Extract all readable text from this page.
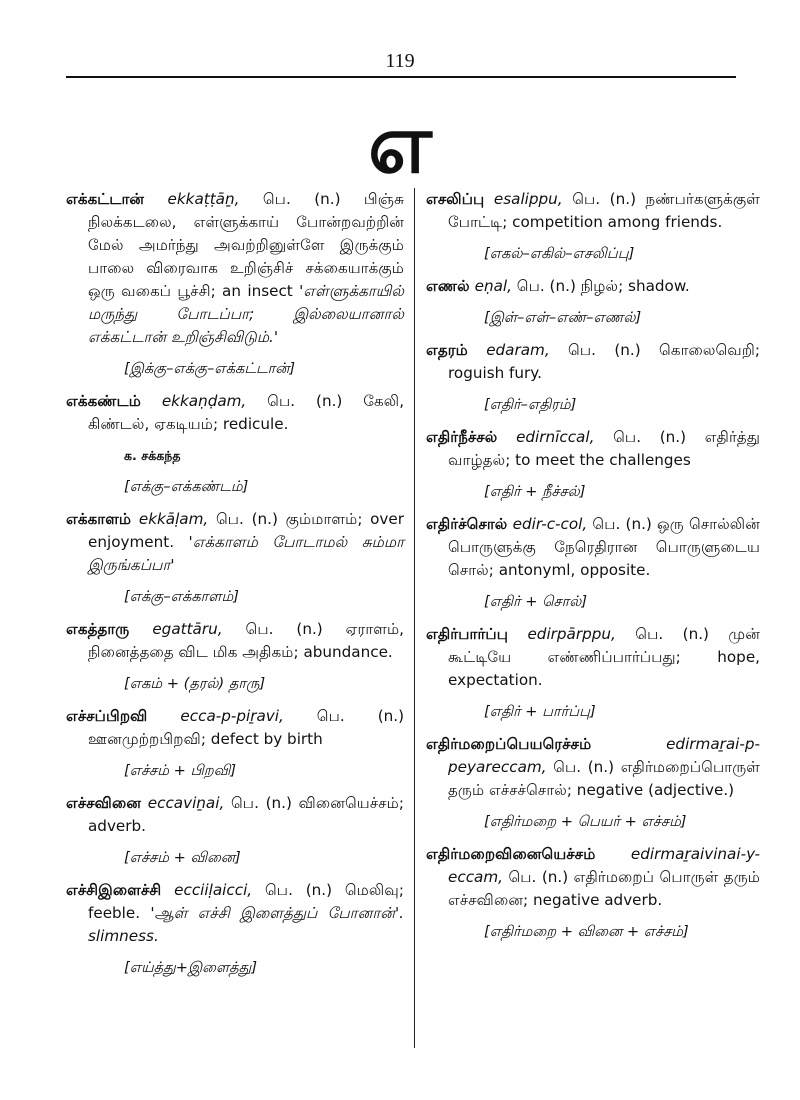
119
எ

எக்கட்டான் ekkaṭṭāṉ, பெ. (n.) பிஞ்சு நிலக்கடலை, எள்ளுக்காய் போன்றவற்றின் மேல் அமர்ந்து அவற்றினுள்ளே இருக்கும் பாலை விரைவாக உறிஞ்சிச் சக்கையாக்கும் ஒரு வகைப் பூச்சி; an insect 'எள்ளுக்காயில் மருந்து போடப்பா; இல்லையானால் எக்கட்டான் உறிஞ்சிவிடும்.'

[இக்கு–எக்கு–எக்கட்டான்]

எக்கண்டம் ekkaṇḍam, பெ. (n.) கேலி, கிண்டல், ஏகடியம்; redicule.

க. சக்கந்த
[எக்கு–எக்கண்டம்]

எக்காளம் ekkāḷam, பெ. (n.) கும்மாளம்; over enjoyment. 'எக்காளம் போடாமல் சும்மா இருங்கப்பா'

[எக்கு–எக்காளம்]

எகத்தாரு egattāru, பெ. (n.) ஏராளம், நினைத்ததை விட மிக அதிகம்; abundance.

[எகம் + (தரல்) தாரு]

எச்சப்பிறவி ecca-p-piṟavi, பெ. (n.) ஊனமுற்றபிறவி; defect by birth

[எச்சம் + பிறவி]

எச்சவினை eccaviṉai, பெ. (n.) வினையெச்சம்; adverb.

[எச்சம் + வினை]

எச்சிஇளைச்சி ecciiḷaicci, பெ. (n.) மெலிவு; feeble. 'ஆள் எச்சி இளைத்துப் போனான்'. slimness.

[எய்த்து+இளைத்து]

எசலிப்பு esalippu, பெ. (n.) நண்பர்களுக்குள் போட்டி; competition among friends.

[எகல்–எகில்–எசலிப்பு]

எணல் eṇal, பெ. (n.) நிழல்; shadow.

[இள்–எள்–எண்–எணல்]

எதரம் edaram, பெ. (n.) கொலைவெறி; roguish fury.

[எதிர்–எதிரம்]

எதிர்நீச்சல் edirnīccal, பெ. (n.) எதிர்த்து வாழ்தல்; to meet the challenges

[எதிர் + நீச்சல்]

எதிர்ச்சொல் edir-c-col, பெ. (n.) ஒரு சொல்லின் பொருளுக்கு நேரெதிரான பொருளுடைய சொல்; antonyml, opposite.

[எதிர் + சொல்]

எதிர்பார்ப்பு edirpārppu, பெ. (n.) முன் கூட்டியே எண்ணிப்பார்ப்பது; hope, expectation.

[எதிர் + பார்ப்பு]

எதிர்மறைப்பெயரெச்சம்	edirmaṟai-p-peyareccam, பெ. (n.) எதிர்மறைப்பொருள் தரும் எச்சச்சொல்; negative (adjective.)

[எதிர்மறை + பெயர் + எச்சம்]

எதிர்மறைவினையெச்சம் edirmaṟaivinai-y-eccam, பெ. (n.) எதிர்மறைப் பொருள் தரும் எச்சவினை; negative adverb.

[எதிர்மறை + வினை + எச்சம்]
